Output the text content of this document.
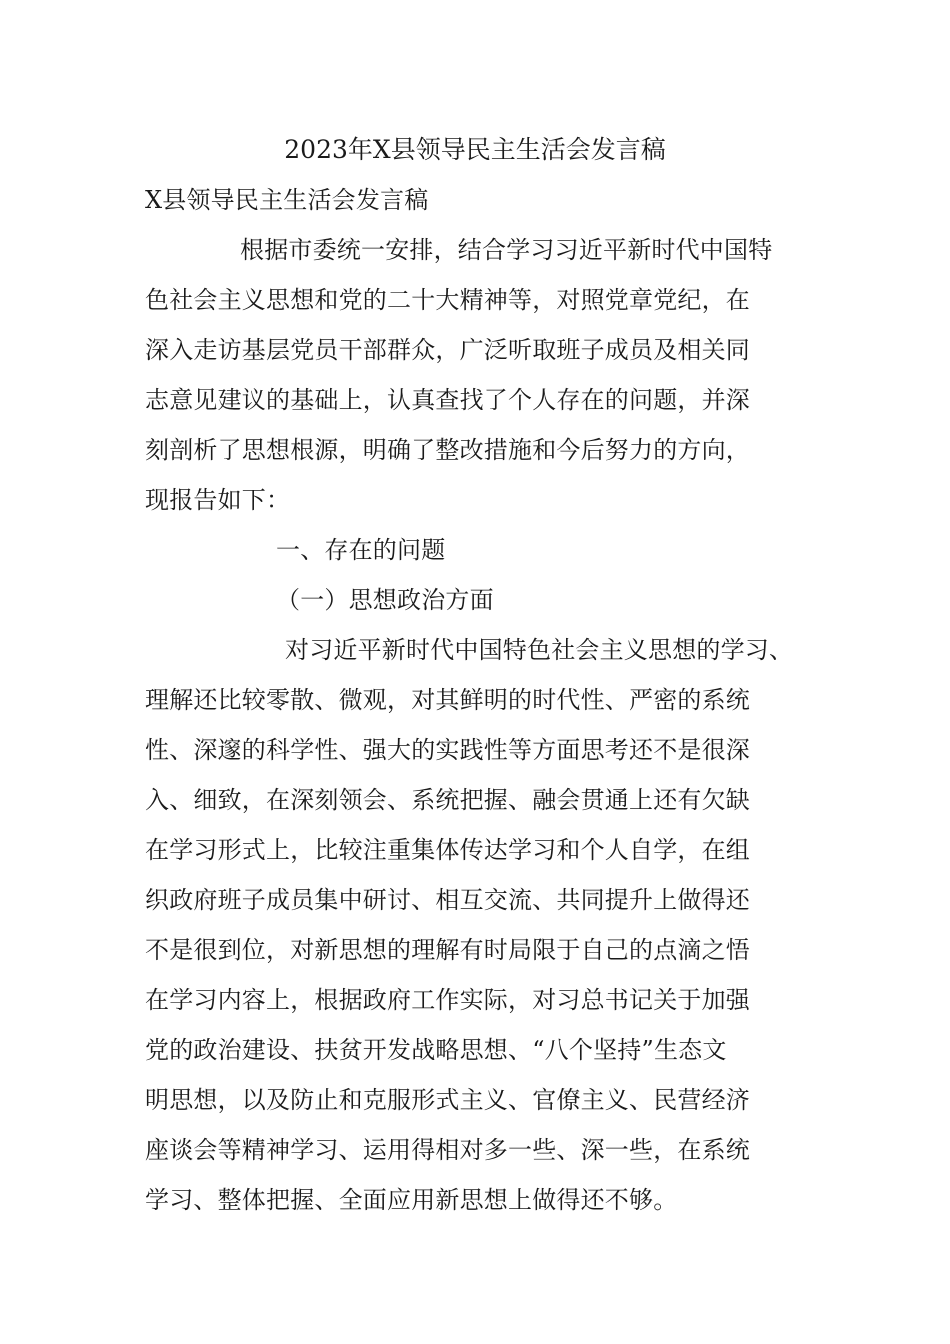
2023年X县领导民主生活会发言稿
X县领导民主生活会发言稿
根据市委统一安排，结合学习习近平新时代中国特
色社会主义思想和党的二十大精神等，对照党章党纪，在
深入走访基层党员干部群众，广泛听取班子成员及相关同
志意见建议的基础上，认真查找了个人存在的问题，并深
刻剖析了思想根源，明确了整改措施和今后努力的方向，
现报告如下：
一、存在的问题
（一）思想政治方面
对习近平新时代中国特色社会主义思想的学习、
理解还比较零散、微观，对其鲜明的时代性、严密的系统
性、深邃的科学性、强大的实践性等方面思考还不是很深
入、细致，在深刻领会、系统把握、融会贯通上还有欠缺
在学习形式上，比较注重集体传达学习和个人自学，在组
织政府班子成员集中研讨、相互交流、共同提升上做得还
不是很到位，对新思想的理解有时局限于自己的点滴之悟
在学习内容上，根据政府工作实际，对习总书记关于加强
党的政治建设、扶贫开发战略思想、“八个坚持”生态文
明思想，以及防止和克服形式主义、官僚主义、民营经济
座谈会等精神学习、运用得相对多一些、深一些，在系统
学习、整体把握、全面应用新思想上做得还不够。
